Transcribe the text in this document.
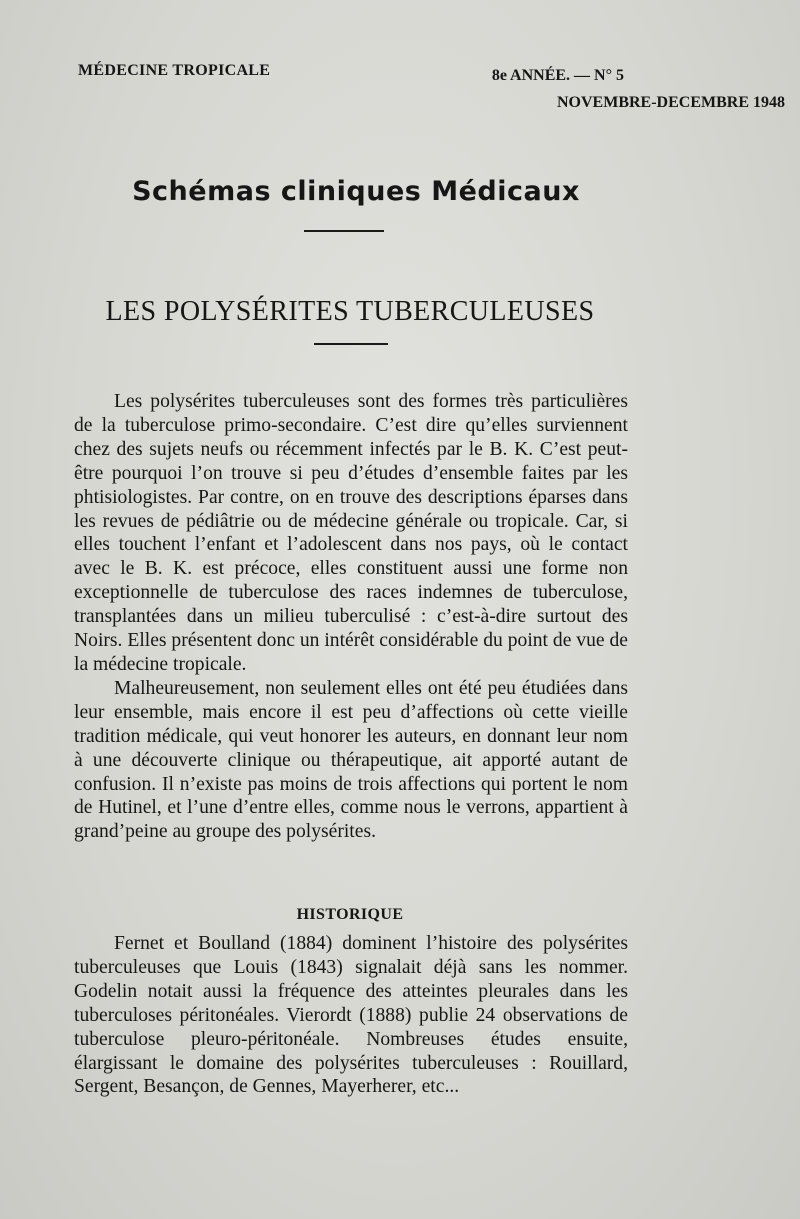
MÉDECINE TROPICALE	8e ANNÉE. — N° 5
NOVEMBRE-DECEMBRE 1948
Schémas cliniques Médicaux
LES POLYSÉRITES TUBERCULEUSES

Les polysérites tuberculeuses sont des formes très particulières de la tuberculose primo-secondaire. C’est dire qu’elles surviennent chez des sujets neufs ou récemment infectés par le B. K. C’est peut-être pourquoi l’on trouve si peu d’études d’ensemble faites par les phtisiologistes. Par contre, on en trouve des descriptions éparses dans les revues de pédiâtrie ou de médecine générale ou tropicale. Car, si elles touchent l’enfant et l’adolescent dans nos pays, où le contact avec le B. K. est précoce, elles constituent aussi une forme non exceptionnelle de tuberculose des races indemnes de tuberculose, transplantées dans un milieu tuberculisé : c’est-à-dire surtout des Noirs. Elles présentent donc un intérêt considérable du point de vue de la médecine tropicale.

Malheureusement, non seulement elles ont été peu étudiées dans leur ensemble, mais encore il est peu d’affections où cette vieille tradition médicale, qui veut honorer les auteurs, en donnant leur nom à une découverte clinique ou thérapeutique, ait apporté autant de confusion. Il n’existe pas moins de trois affections qui portent le nom de Hutinel, et l’une d’entre elles, comme nous le verrons, appartient à grand’peine au groupe des polysérites.

HISTORIQUE

Fernet et Boulland (1884) dominent l’histoire des polysérites tuberculeuses que Louis (1843) signalait déjà sans les nommer. Godelin notait aussi la fréquence des atteintes pleurales dans les tuberculoses péritonéales. Vierordt (1888) publie 24 observations de tuberculose pleuro-péritonéale. Nombreuses études ensuite, élargissant le domaine des polysérites tuberculeuses : Rouillard, Sergent, Besançon, de Gennes, Mayerherer, etc...
